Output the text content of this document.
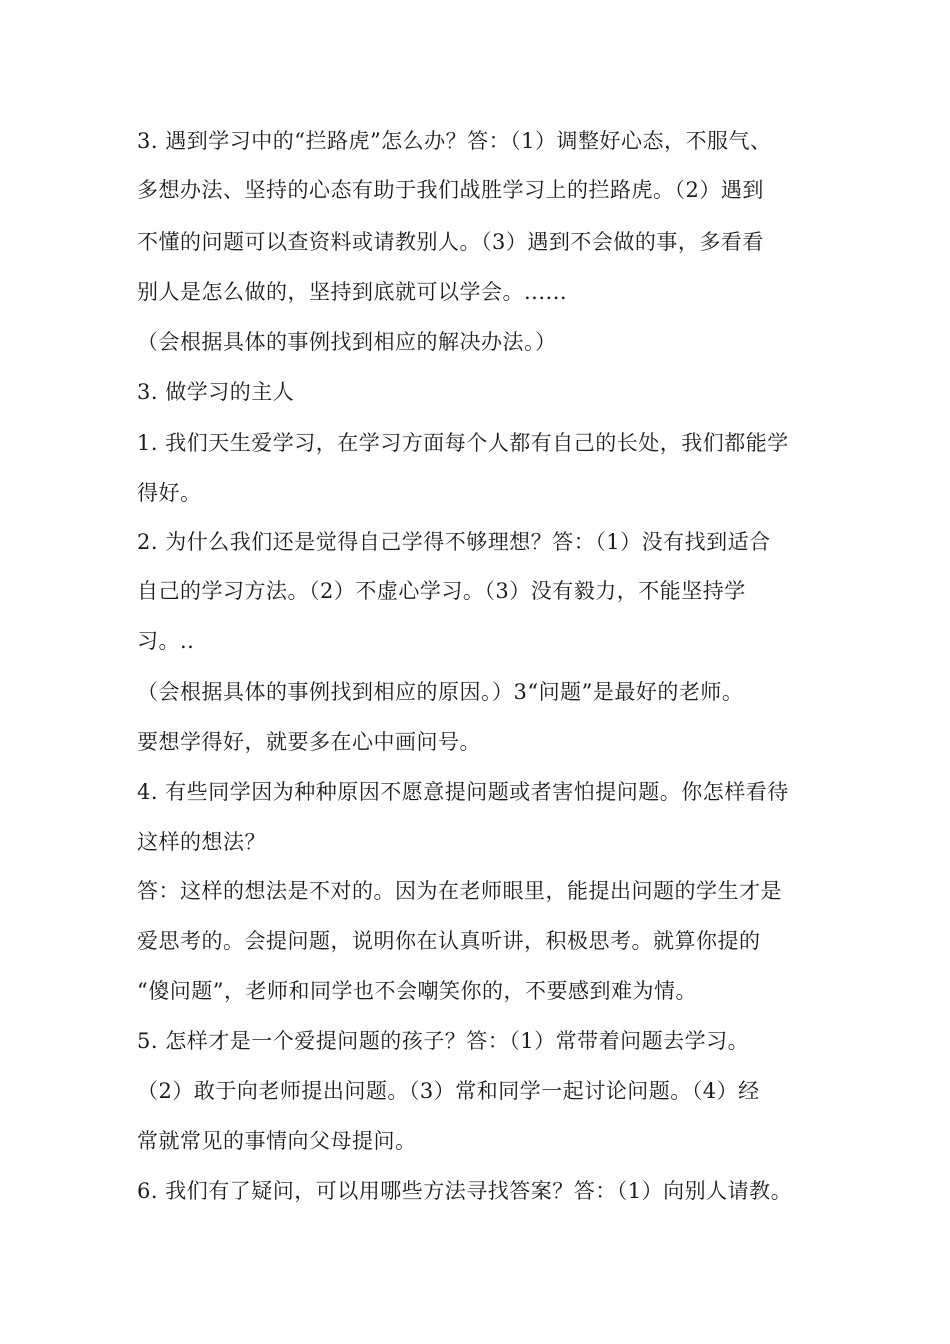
3. 遇到学习中的“拦路虎”怎么办？答：（1）调整好心态，不服气、
多想办法、坚持的心态有助于我们战胜学习上的拦路虎。（2）遇到
不懂的问题可以查资料或请教别人。（3）遇到不会做的事，多看看
别人是怎么做的，坚持到底就可以学会。......
（会根据具体的事例找到相应的解决办法。）
3. 做学习的主人
1. 我们天生爱学习，在学习方面每个人都有自己的长处，我们都能学
得好。
2. 为什么我们还是觉得自己学得不够理想？答：（1）没有找到适合
自己的学习方法。（2）不虚心学习。（3）没有毅力，不能坚持学
习。..
（会根据具体的事例找到相应的原因。）3“问题”是最好的老师。
要想学得好，就要多在心中画问号。
4. 有些同学因为种种原因不愿意提问题或者害怕提问题。你怎样看待
这样的想法？
答：这样的想法是不对的。因为在老师眼里，能提出问题的学生才是
爱思考的。会提问题，说明你在认真听讲，积极思考。就算你提的
“傻问题”，老师和同学也不会嘲笑你的，不要感到难为情。
5. 怎样才是一个爱提问题的孩子？答：（1）常带着问题去学习。
（2）敢于向老师提出问题。（3）常和同学一起讨论问题。（4）经
常就常见的事情向父母提问。
6. 我们有了疑问，可以用哪些方法寻找答案？答：（1）向别人请教。
